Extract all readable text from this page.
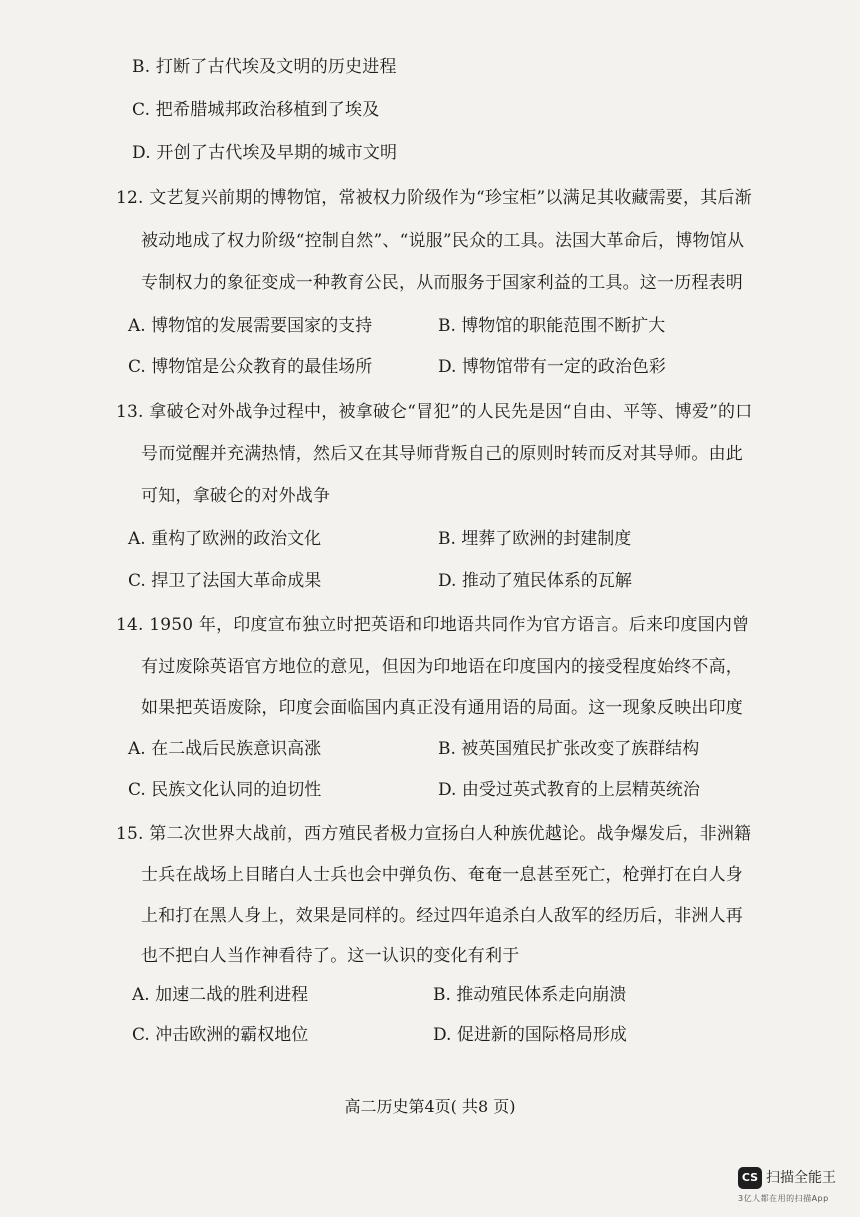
B. 打断了古代埃及文明的历史进程
C. 把希腊城邦政治移植到了埃及
D. 开创了古代埃及早期的城市文明
12. 文艺复兴前期的博物馆，常被权力阶级作为“珍宝柜”以满足其收藏需要，其后渐
被动地成了权力阶级“控制自然”、“说服”民众的工具。法国大革命后，博物馆从
专制权力的象征变成一种教育公民，从而服务于国家利益的工具。这一历程表明
A. 博物馆的发展需要国家的支持	B. 博物馆的职能范围不断扩大
C. 博物馆是公众教育的最佳场所	D. 博物馆带有一定的政治色彩
13. 拿破仑对外战争过程中，被拿破仑“冒犯”的人民先是因“自由、平等、博爱”的口
号而觉醒并充满热情，然后又在其导师背叛自己的原则时转而反对其导师。由此
可知，拿破仑的对外战争
A. 重构了欧洲的政治文化	B. 埋葬了欧洲的封建制度
C. 捍卫了法国大革命成果	D. 推动了殖民体系的瓦解
14. 1950 年，印度宣布独立时把英语和印地语共同作为官方语言。后来印度国内曾
有过废除英语官方地位的意见，但因为印地语在印度国内的接受程度始终不高，
如果把英语废除，印度会面临国内真正没有通用语的局面。这一现象反映出印度
A. 在二战后民族意识高涨	B. 被英国殖民扩张改变了族群结构
C. 民族文化认同的迫切性	D. 由受过英式教育的上层精英统治
15. 第二次世界大战前，西方殖民者极力宣扬白人种族优越论。战争爆发后，非洲籍
士兵在战场上目睹白人士兵也会中弹负伤、奄奄一息甚至死亡，枪弹打在白人身
上和打在黑人身上，效果是同样的。经过四年追杀白人敌军的经历后，非洲人再
也不把白人当作神看待了。这一认识的变化有利于
A. 加速二战的胜利进程	B. 推动殖民体系走向崩溃
C. 冲击欧洲的霸权地位	D. 促进新的国际格局形成
高二历史第4页( 共8 页)
CS 扫描全能王
3亿人都在用的扫描App
